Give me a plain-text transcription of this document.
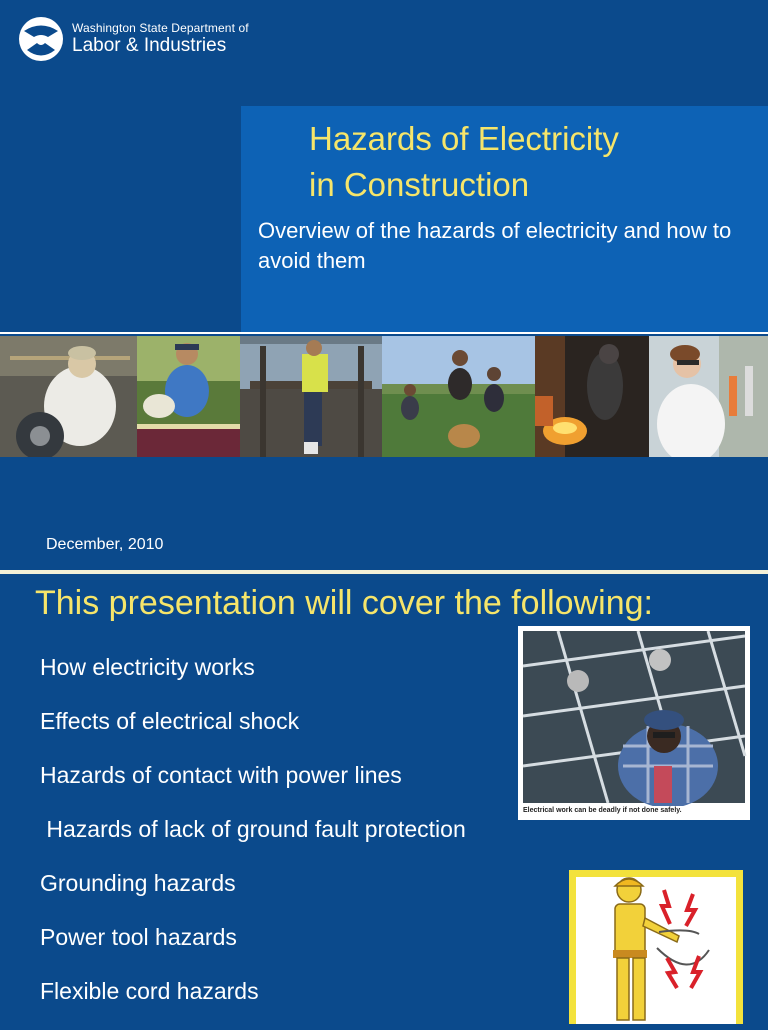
Washington State Department of
Labor & Industries
Hazards of Electricity
in Construction
Overview of the hazards of electricity and how to avoid them
December, 2010
This presentation will cover the following:
How electricity works
Effects of electrical shock
Hazards of contact with power lines
Hazards of lack of ground fault protection
Grounding hazards
Power tool hazards
Flexible cord hazards
Electrical work can be deadly if not done safely.
